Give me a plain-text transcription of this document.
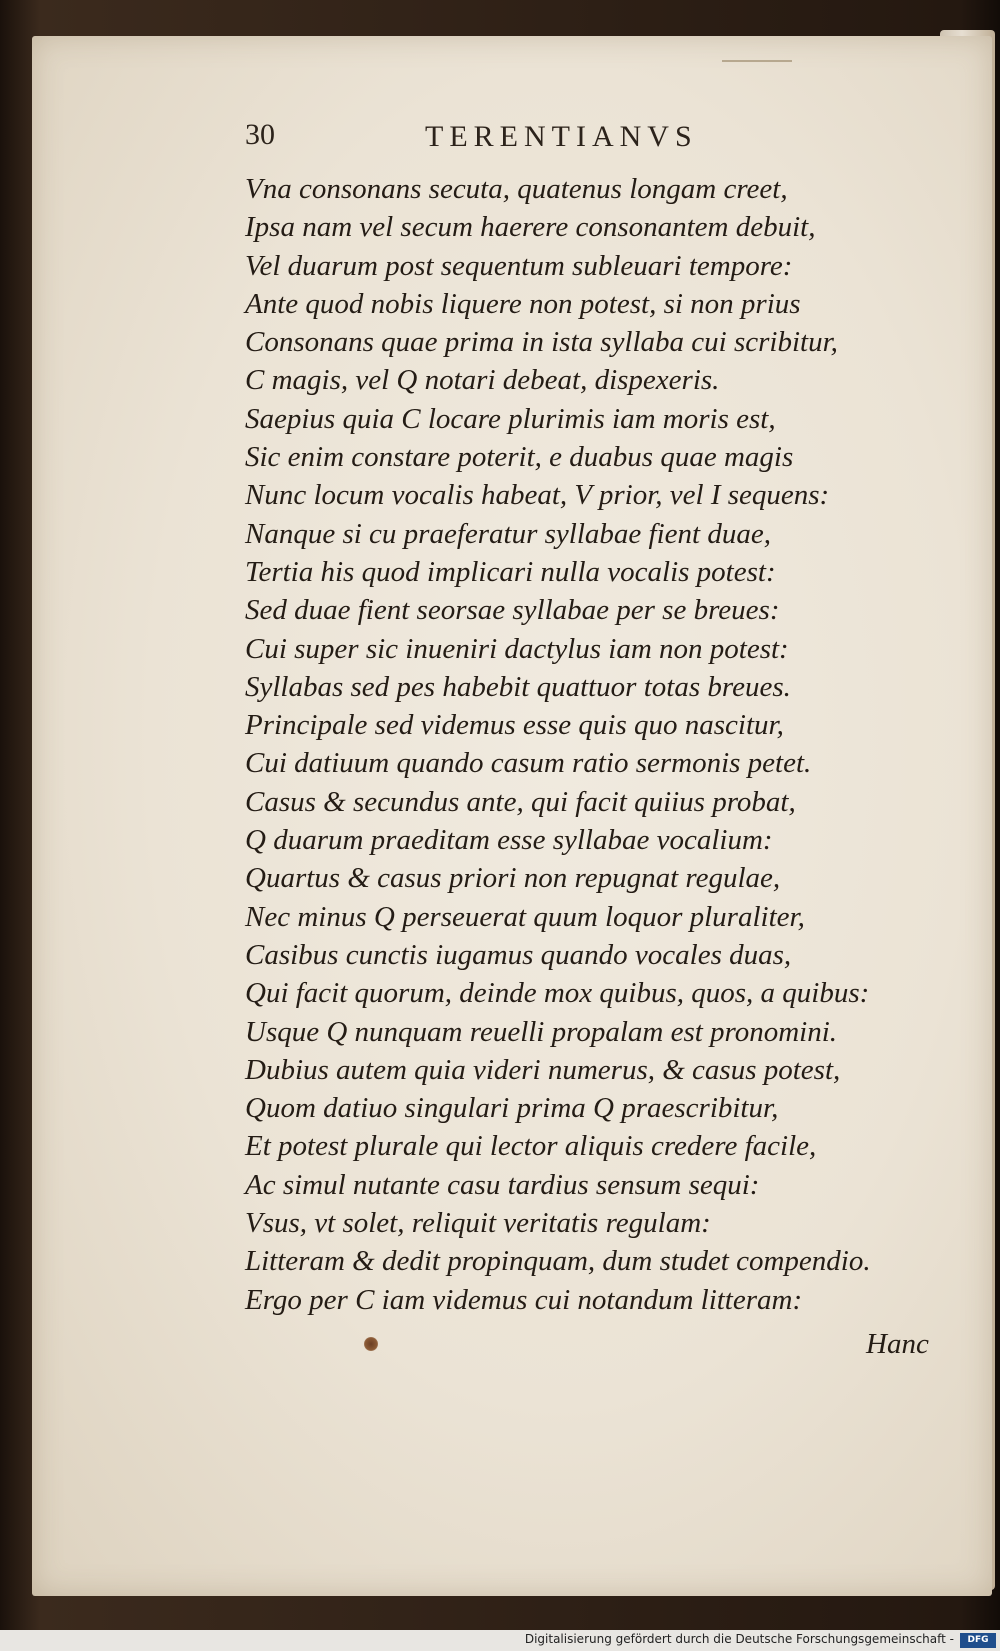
30	TERENTIANVS
Vna consonans secuta, quatenus longam creet,
Ipsa nam vel secum haerere consonantem debuit,
Vel duarum post sequentum subleuari tempore:
Ante quod nobis liquere non potest, si non prius
Consonans quae prima in ista syllaba cui scribitur,
C magis, vel Q notari debeat, dispexeris.
Saepius quia C locare plurimis iam moris est,
Sic enim constare poterit, e duabus quae magis
Nunc locum vocalis habeat, V prior, vel I sequens:
Nanque si cu praeferatur syllabae fient duae,
Tertia his quod implicari nulla vocalis potest:
Sed duae fient seorsae syllabae per se breues:
Cui super sic inueniri dactylus iam non potest:
Syllabas sed pes habebit quattuor totas breues.
Principale sed videmus esse quis quo nascitur,
Cui datiuum quando casum ratio sermonis petet.
Casus & secundus ante, qui facit quiius probat,
Q duarum praeditam esse syllabae vocalium:
Quartus & casus priori non repugnat regulae,
Nec minus Q perseuerat quum loquor pluraliter,
Casibus cunctis iugamus quando vocales duas,
Qui facit quorum, deinde mox quibus, quos, a quibus:
Usque Q nunquam reuelli propalam est pronomini.
Dubius autem quia videri numerus, & casus potest,
Quom datiuo singulari prima Q praescribitur,
Et potest plurale qui lector aliquis credere facile,
Ac simul nutante casu tardius sensum sequi:
Vsus, vt solet, reliquit veritatis regulam:
Litteram & dedit propinquam, dum studet compendio.
Ergo per C iam videmus cui notandum litteram:
Hanc
Digitalisierung gefördert durch die Deutsche Forschungsgemeinschaft -	DFG
